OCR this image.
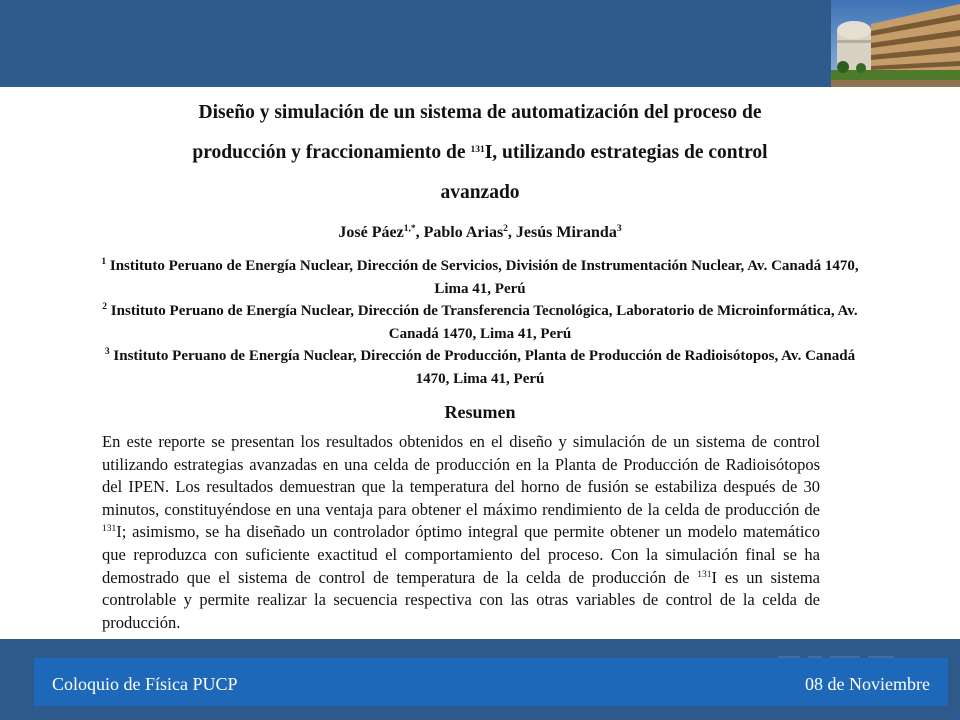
Diseño y simulación de un sistema de automatización del proceso de
producción y fraccionamiento de $^{131}$I, utilizando estrategias de control
avanzado
José Páez$^{1,*}$, Pablo Arias$^2$, Jesús Miranda$^3$
$^1$ Instituto Peruano de Energía Nuclear, Dirección de Servicios, División de Instrumentación Nuclear, Av. Canadá 1470, Lima 41, Perú
$^2$ Instituto Peruano de Energía Nuclear, Dirección de Transferencia Tecnológica, Laboratorio de Microinformática, Av. Canadá 1470, Lima 41, Perú
$^3$ Instituto Peruano de Energía Nuclear, Dirección de Producción, Planta de Producción de Radioisótopos, Av. Canadá 1470, Lima 41, Perú
Resumen

En este reporte se presentan los resultados obtenidos en el diseño y simulación de un sistema de control utilizando estrategias avanzadas en una celda de producción en la Planta de Producción de Radioisótopos del IPEN. Los resultados demuestran que la temperatura del horno de fusión se estabiliza después de 30 minutos, constituyéndose en una ventaja para obtener el máximo rendimiento de la celda de producción de $^{131}$I; asimismo, se ha diseñado un controlador óptimo integral que permite obtener un modelo matemático que reproduzca con suficiente exactitud el comportamiento del proceso. Con la simulación final se ha demostrado que el sistema de control de temperatura de la celda de producción de $^{131}$I es un sistema controlable y permite realizar la secuencia respectiva con las otras variables de control de la celda de producción.

Coloquio de Física PUCP	08 de Noviembre
